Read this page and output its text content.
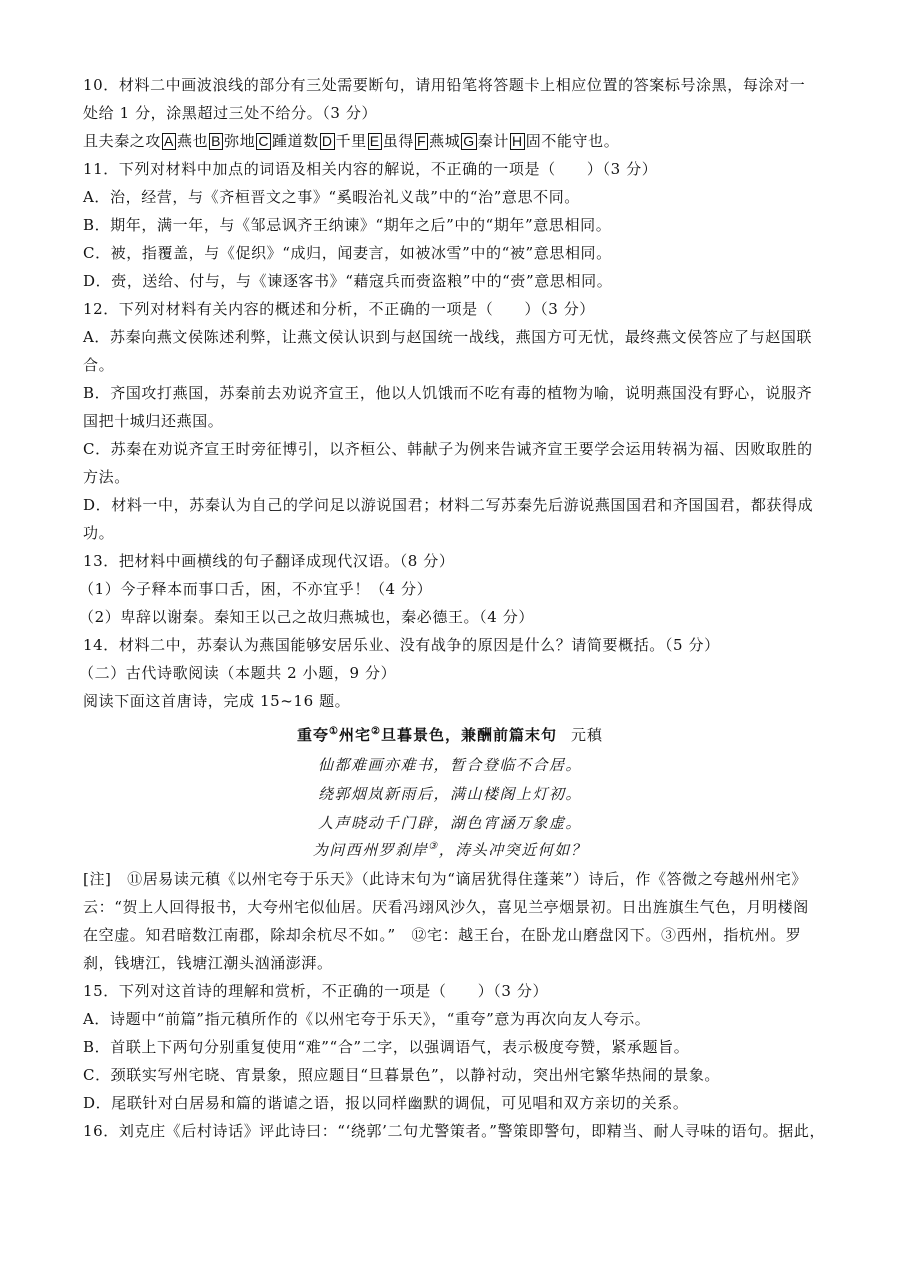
10．材料二中画波浪线的部分有三处需要断句，请用铅笔将答题卡上相应位置的答案标号涂黑，每涂对一
处给 1 分，涂黑超过三处不给分。（3 分）
且夫秦之攻 A 燕也 B 弥地 C 踵道数 D 千里 E 虽得 F 燕城 G 秦计 H 固不能守也。
11．下列对材料中加点的词语及相关内容的解说，不正确的一项是（　　）（3 分）
A．治，经营，与《齐桓晋文之事》“奚暇治礼义哉”中的“治”意思不同。
B．期年，满一年，与《邹忌讽齐王纳谏》“期年之后”中的“期年”意思相同。
C．被，指覆盖，与《促织》“成归，闻妻言，如被冰雪”中的“被”意思相同。
D．赍，送给、付与，与《谏逐客书》“藉寇兵而赍盗粮”中的“赍”意思相同。
12．下列对材料有关内容的概述和分析，不正确的一项是（　　）（3 分）
A．苏秦向燕文侯陈述利弊，让燕文侯认识到与赵国统一战线，燕国方可无忧，最终燕文侯答应了与赵国联
合。
B．齐国攻打燕国，苏秦前去劝说齐宣王，他以人饥饿而不吃有毒的植物为喻，说明燕国没有野心，说服齐
国把十城归还燕国。
C．苏秦在劝说齐宣王时旁征博引，以齐桓公、韩献子为例来告诫齐宣王要学会运用转祸为福、因败取胜的
方法。
D．材料一中，苏秦认为自己的学问足以游说国君；材料二写苏秦先后游说燕国国君和齐国国君，都获得成
功。
13．把材料中画横线的句子翻译成现代汉语。（8 分）
（1）今子释本而事口舌，困，不亦宜乎！（4 分）
（2）卑辞以谢秦。秦知王以己之故归燕城也，秦必德王。（4 分）
14．材料二中，苏秦认为燕国能够安居乐业、没有战争的原因是什么？请简要概括。（5 分）
（二）古代诗歌阅读（本题共 2 小题，9 分）
阅读下面这首唐诗，完成 15~16 题。
重夸①州宅②旦暮景色，兼酬前篇末句 元稹
仙都难画亦难书，暂合登临不合居。
绕郭烟岚新雨后，满山楼阁上灯初。
人声晓动千门辟，湖色宵涵万象虚。
为问西州罗刹岸③，涛头冲突近何如？
[注]　⑪居易读元稹《以州宅夸于乐天》（此诗末句为“谪居犹得住蓬莱”）诗后，作《答微之夸越州州宅》
云：“贺上人回得报书，大夸州宅似仙居。厌看冯翊风沙久，喜见兰亭烟景初。日出旌旗生气色，月明楼阁
在空虚。知君暗数江南郡，除却余杭尽不如。”　⑫宅：越王台，在卧龙山磨盘冈下。③西州，指杭州。罗
刹，钱塘江，钱塘江潮头汹涌澎湃。
15．下列对这首诗的理解和赏析，不正确的一项是（　　）（3 分）
A．诗题中“前篇”指元稹所作的《以州宅夸于乐天》，“重夸”意为再次向友人夸示。
B．首联上下两句分别重复使用“难”“合”二字，以强调语气，表示极度夸赞，紧承题旨。
C．颈联实写州宅晓、宵景象，照应题目“旦暮景色”，以静衬动，突出州宅繁华热闹的景象。
D．尾联针对白居易和篇的谐谑之语，报以同样幽默的调侃，可见唱和双方亲切的关系。
16．刘克庄《后村诗话》评此诗曰：“‘绕郭’二句尤警策者。”警策即警句，即精当、耐人寻味的语句。据此，
